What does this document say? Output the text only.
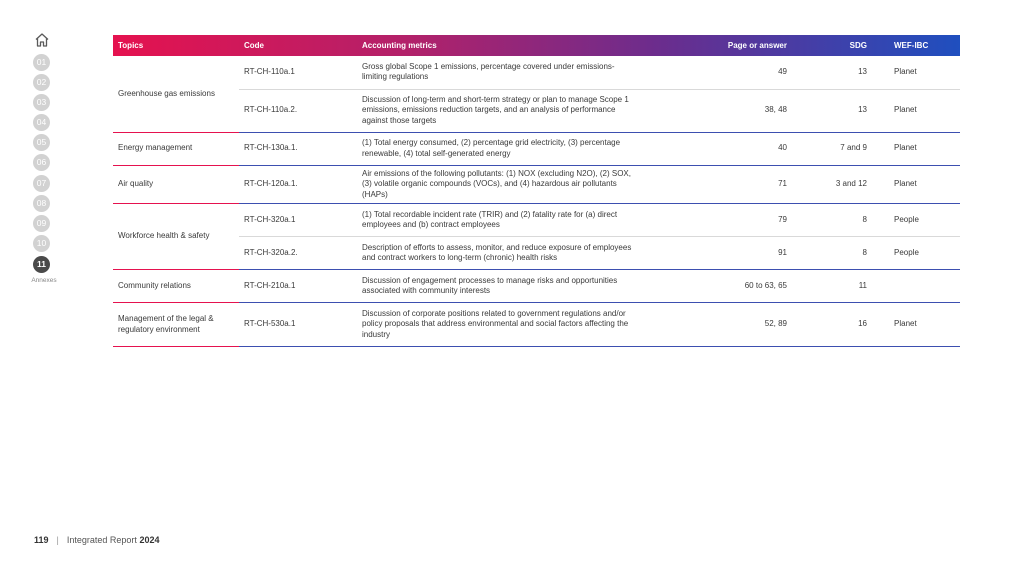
01
02
03
04
05
06
07
08
09
10
11
Annexes
Topics	Code	Accounting metrics	Page or answer	SDG	WEF-IBC
Greenhouse gas emissions	RT-CH-110a.1	Gross global Scope 1 emissions, percentage covered under emissions-limiting regulations	49	13	Planet
	RT-CH-110a.2.	Discussion of long-term and short-term strategy or plan to manage Scope 1 emissions, emissions reduction targets, and an analysis of performance against those targets	38, 48	13	Planet
Energy management	RT-CH-130a.1.	(1) Total energy consumed, (2) percentage grid electricity, (3) percentage renewable, (4) total self-generated energy	40	7 and 9	Planet
Air quality	RT-CH-120a.1.	Air emissions of the following pollutants: (1) NOX (excluding N2O), (2) SOX, (3) volatile organic compounds (VOCs), and (4) hazardous air pollutants (HAPs)	71	3 and 12	Planet
Workforce health & safety	RT-CH-320a.1	(1) Total recordable incident rate (TRIR) and (2) fatality rate for (a) direct employees and (b) contract employees	79	8	People
	RT-CH-320a.2.	Description of efforts to assess, monitor, and reduce exposure of employees and contract workers to long-term (chronic) health risks	91	8	People
Community relations	RT-CH-210a.1	Discussion of engagement processes to manage risks and opportunities associated with community interests	60 to 63, 65	11	
Management of the legal & regulatory environment	RT-CH-530a.1	Discussion of corporate positions related to government regulations and/or policy proposals that address environmental and social factors affecting the industry	52, 89	16	Planet
119 | Integrated Report 2024
